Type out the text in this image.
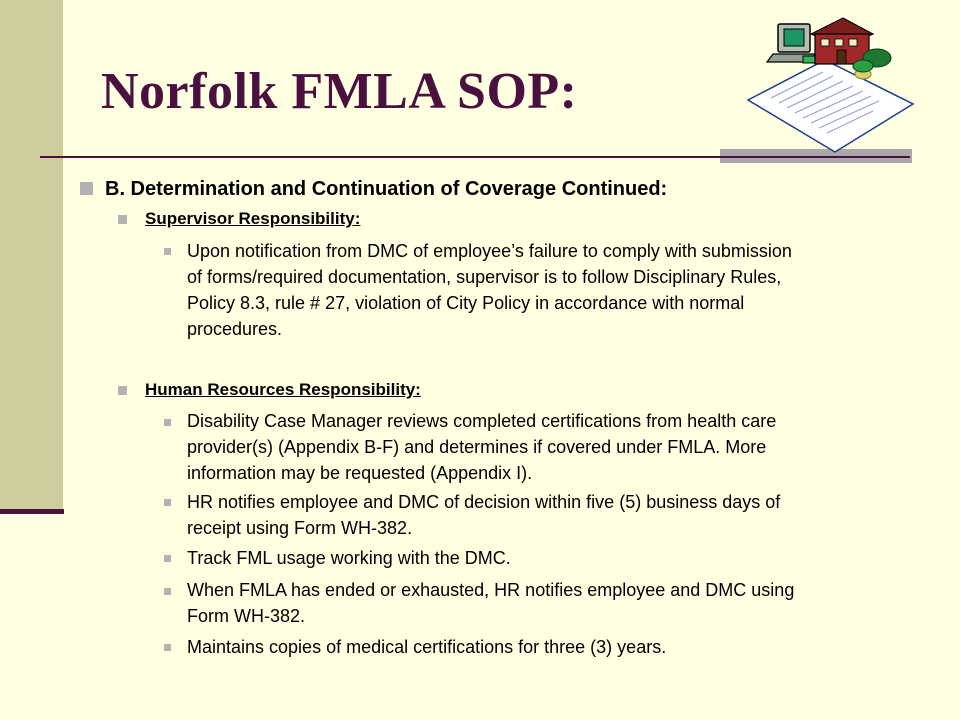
Norfolk FMLA SOP:
B. Determination and Continuation of Coverage Continued:
Supervisor Responsibility:
Upon notification from DMC of employee’s failure to comply with submission
of forms/required documentation, supervisor is to follow Disciplinary Rules,
Policy 8.3, rule # 27, violation of City Policy in accordance with normal
procedures.
Human Resources Responsibility:
Disability Case Manager reviews completed certifications from health care
provider(s) (Appendix B-F) and determines if covered under FMLA. More
information may be requested (Appendix I).
HR notifies employee and DMC of decision within five (5) business days of
receipt using Form WH-382.
Track FML usage working with the DMC.
When FMLA has ended or exhausted, HR notifies employee and DMC using
Form WH-382.
Maintains copies of medical certifications for three (3) years.
